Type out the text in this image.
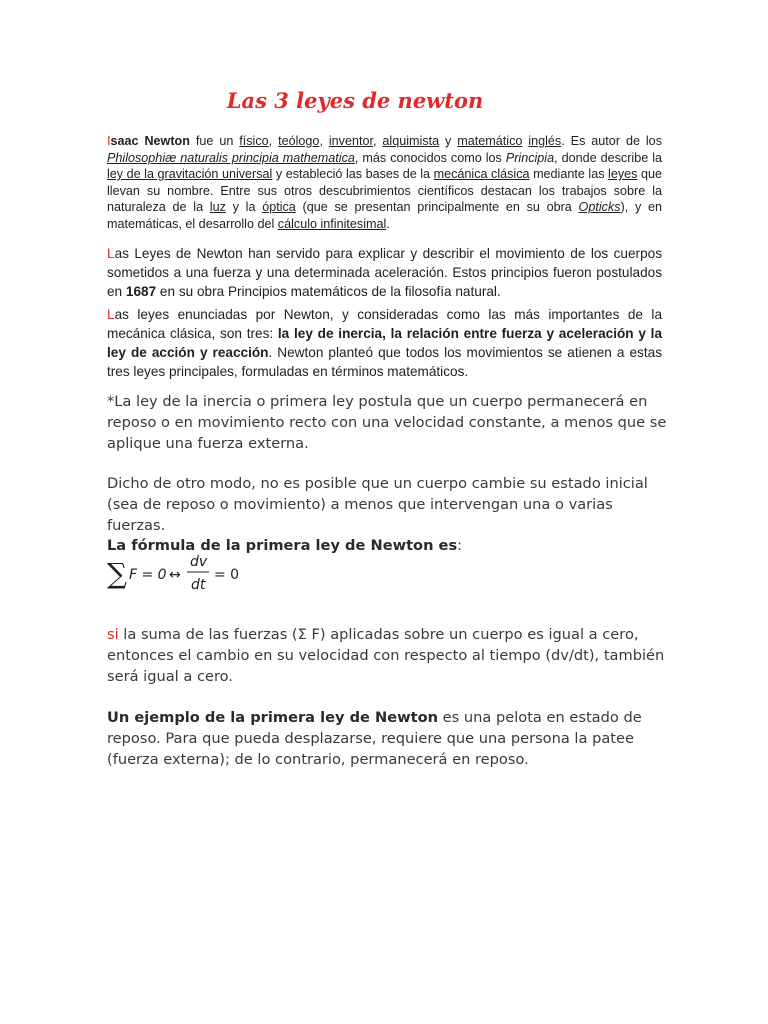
Las 3 leyes de newton
Isaac Newton fue un físico, teólogo, inventor, alquimista y matemático inglés. Es autor de los Philosophiæ naturalis principia mathematica, más conocidos como los Principia, donde describe la ley de la gravitación universal y estableció las bases de la mecánica clásica mediante las leyes que llevan su nombre. Entre sus otros descubrimientos científicos destacan los trabajos sobre la naturaleza de la luz y la óptica (que se presentan principalmente en su obra Opticks), y en matemáticas, el desarrollo del cálculo infinitesimal.
Las Leyes de Newton han servido para explicar y describir el movimiento de los cuerpos sometidos a una fuerza y una determinada aceleración. Estos principios fueron postulados en 1687 en su obra Principios matemáticos de la filosofía natural.
Las leyes enunciadas por Newton, y consideradas como las más importantes de la mecánica clásica, son tres: la ley de inercia, la relación entre fuerza y aceleración y la ley de acción y reacción. Newton planteó que todos los movimientos se atienen a estas tres leyes principales, formuladas en términos matemáticos.
*La ley de la inercia o primera ley postula que un cuerpo permanecerá en reposo o en movimiento recto con una velocidad constante, a menos que se aplique una fuerza externa.
Dicho de otro modo, no es posible que un cuerpo cambie su estado inicial (sea de reposo o movimiento) a menos que intervengan una o varias fuerzas.
La fórmula de la primera ley de Newton es:
∑ F = 0 ↔
dv
dt
= 0
si la suma de las fuerzas (Σ F) aplicadas sobre un cuerpo es igual a cero, entonces el cambio en su velocidad con respecto al tiempo (dv/dt), también será igual a cero.
Un ejemplo de la primera ley de Newton es una pelota en estado de reposo. Para que pueda desplazarse, requiere que una persona la patee (fuerza externa); de lo contrario, permanecerá en reposo.
